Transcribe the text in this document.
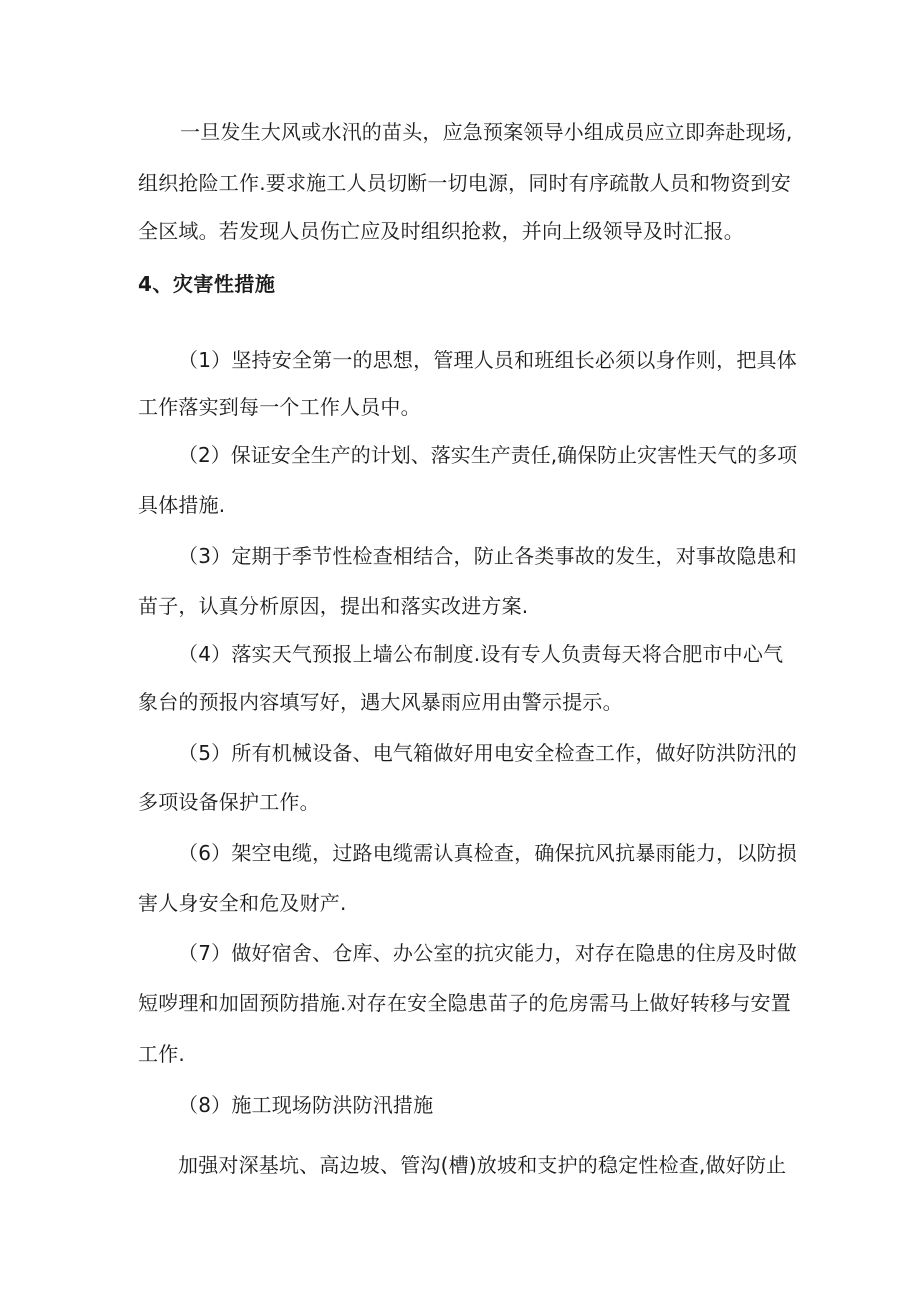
一旦发生大风或水汛的苗头，应急预案领导小组成员应立即奔赴现场,
组织抢险工作.要求施工人员切断一切电源，同时有序疏散人员和物资到安
全区域。若发现人员伤亡应及时组织抢救，并向上级领导及时汇报。
4、灾害性措施
（1）坚持安全第一的思想，管理人员和班组长必须以身作则，把具体
工作落实到每一个工作人员中。
（2）保证安全生产的计划、落实生产责任,确保防止灾害性天气的多项
具体措施.
（3）定期于季节性检查相结合，防止各类事故的发生，对事故隐患和
苗子，认真分析原因，提出和落实改进方案.
（4）落实天气预报上墙公布制度.设有专人负责每天将合肥市中心气
象台的预报内容填写好，遇大风暴雨应用由警示提示。
（5）所有机械设备、电气箱做好用电安全检查工作，做好防洪防汛的
多项设备保护工作。
（6）架空电缆，过路电缆需认真检查，确保抗风抗暴雨能力，以防损
害人身安全和危及财产.
（7）做好宿舍、仓库、办公室的抗灾能力，对存在隐患的住房及时做
短哕理和加固预防措施.对存在安全隐患苗子的危房需马上做好转移与安置
工作.
（8）施工现场防洪防汛措施
加强对深基坑、高边坡、管沟(槽)放坡和支护的稳定性检查,做好防止
